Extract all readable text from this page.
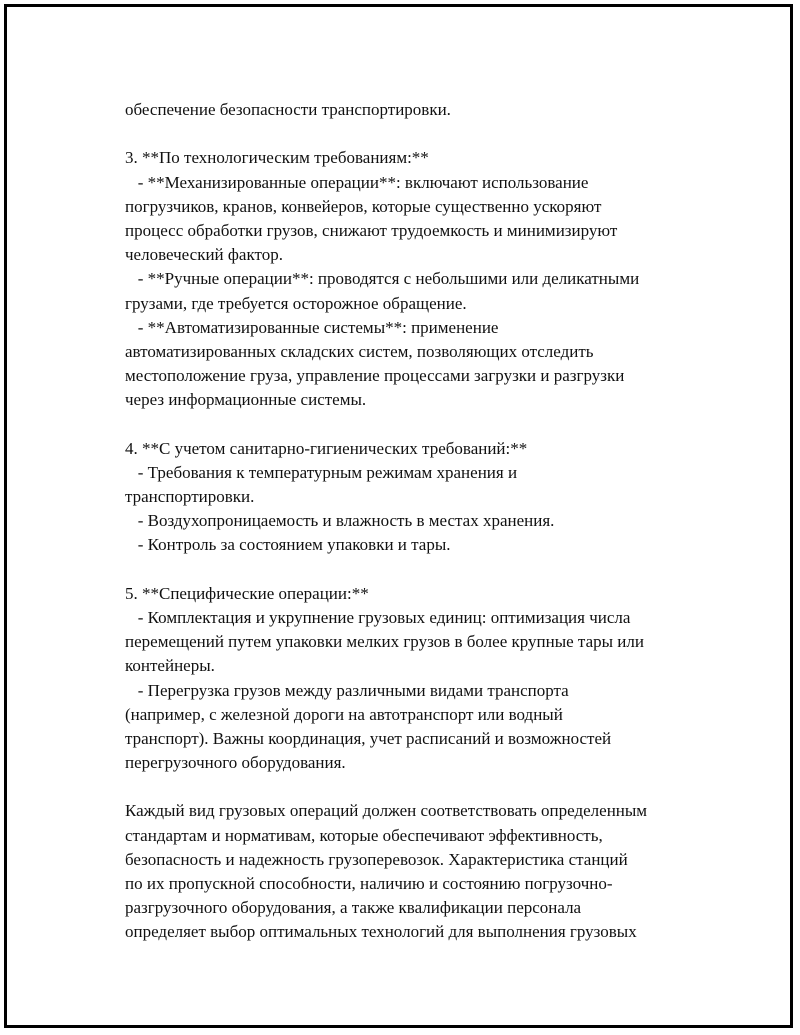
обеспечение безопасности транспортировки.
3. **По технологическим требованиям:**
- **Механизированные операции**: включают использование
погрузчиков, кранов, конвейеров, которые существенно ускоряют
процесс обработки грузов, снижают трудоемкость и минимизируют
человеческий фактор.
- **Ручные операции**: проводятся с небольшими или деликатными
грузами, где требуется осторожное обращение.
- **Автоматизированные системы**: применение
автоматизированных складских систем, позволяющих отследить
местоположение груза, управление процессами загрузки и разгрузки
через информационные системы.
4. **С учетом санитарно-гигиенических требований:**
- Требования к температурным режимам хранения и
транспортировки.
- Воздухопроницаемость и влажность в местах хранения.
- Контроль за состоянием упаковки и тары.
5. **Специфические операции:**
- Комплектация и укрупнение грузовых единиц: оптимизация числа
перемещений путем упаковки мелких грузов в более крупные тары или
контейнеры.
- Перегрузка грузов между различными видами транспорта
(например, с железной дороги на автотранспорт или водный
транспорт). Важны координация, учет расписаний и возможностей
перегрузочного оборудования.
Каждый вид грузовых операций должен соответствовать определенным
стандартам и нормативам, которые обеспечивают эффективность,
безопасность и надежность грузоперевозок. Характеристика станций
по их пропускной способности, наличию и состоянию погрузочно-
разгрузочного оборудования, а также квалификации персонала
определяет выбор оптимальных технологий для выполнения грузовых
